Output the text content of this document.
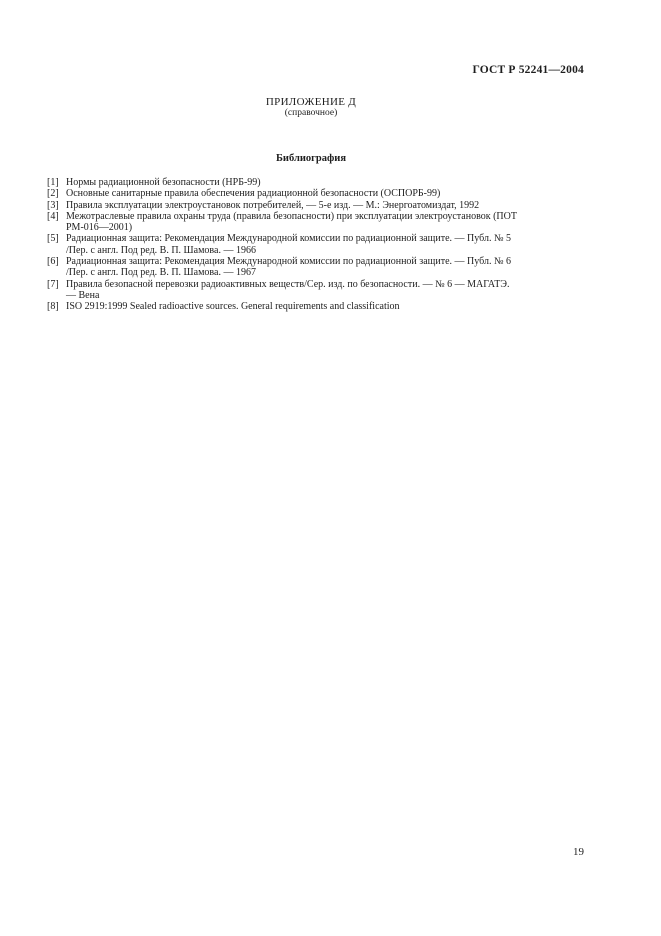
ГОСТ Р 52241—2004
ПРИЛОЖЕНИЕ Д
(справочное)
Библиография
[1] Нормы радиационной безопасности (НРБ-99)
[2] Основные санитарные правила обеспечения радиационной безопасности (ОСПОРБ-99)
[3] Правила эксплуатации электроустановок потребителей, — 5-е изд. — М.: Энергоатомиздат, 1992
[4] Межотраслевые правила охраны труда (правила безопасности) при эксплуатации электроустановок (ПОТ
РМ-016—2001)
[5] Радиационная защита: Рекомендация Международной комиссии по радиационной защите. — Публ. № 5
/Пер. с англ. Под ред. В. П. Шамова. — 1966
[6] Радиационная защита: Рекомендация Международной комиссии по радиационной защите. — Публ. № 6
/Пер. с англ. Под ред. В. П. Шамова. — 1967
[7] Правила безопасной перевозки радиоактивных веществ/Сер. изд. по безопасности. — № 6 — МАГАТЭ.
— Вена
[8] ISO 2919:1999 Sealed radioactive sources. General requirements and classification
19
